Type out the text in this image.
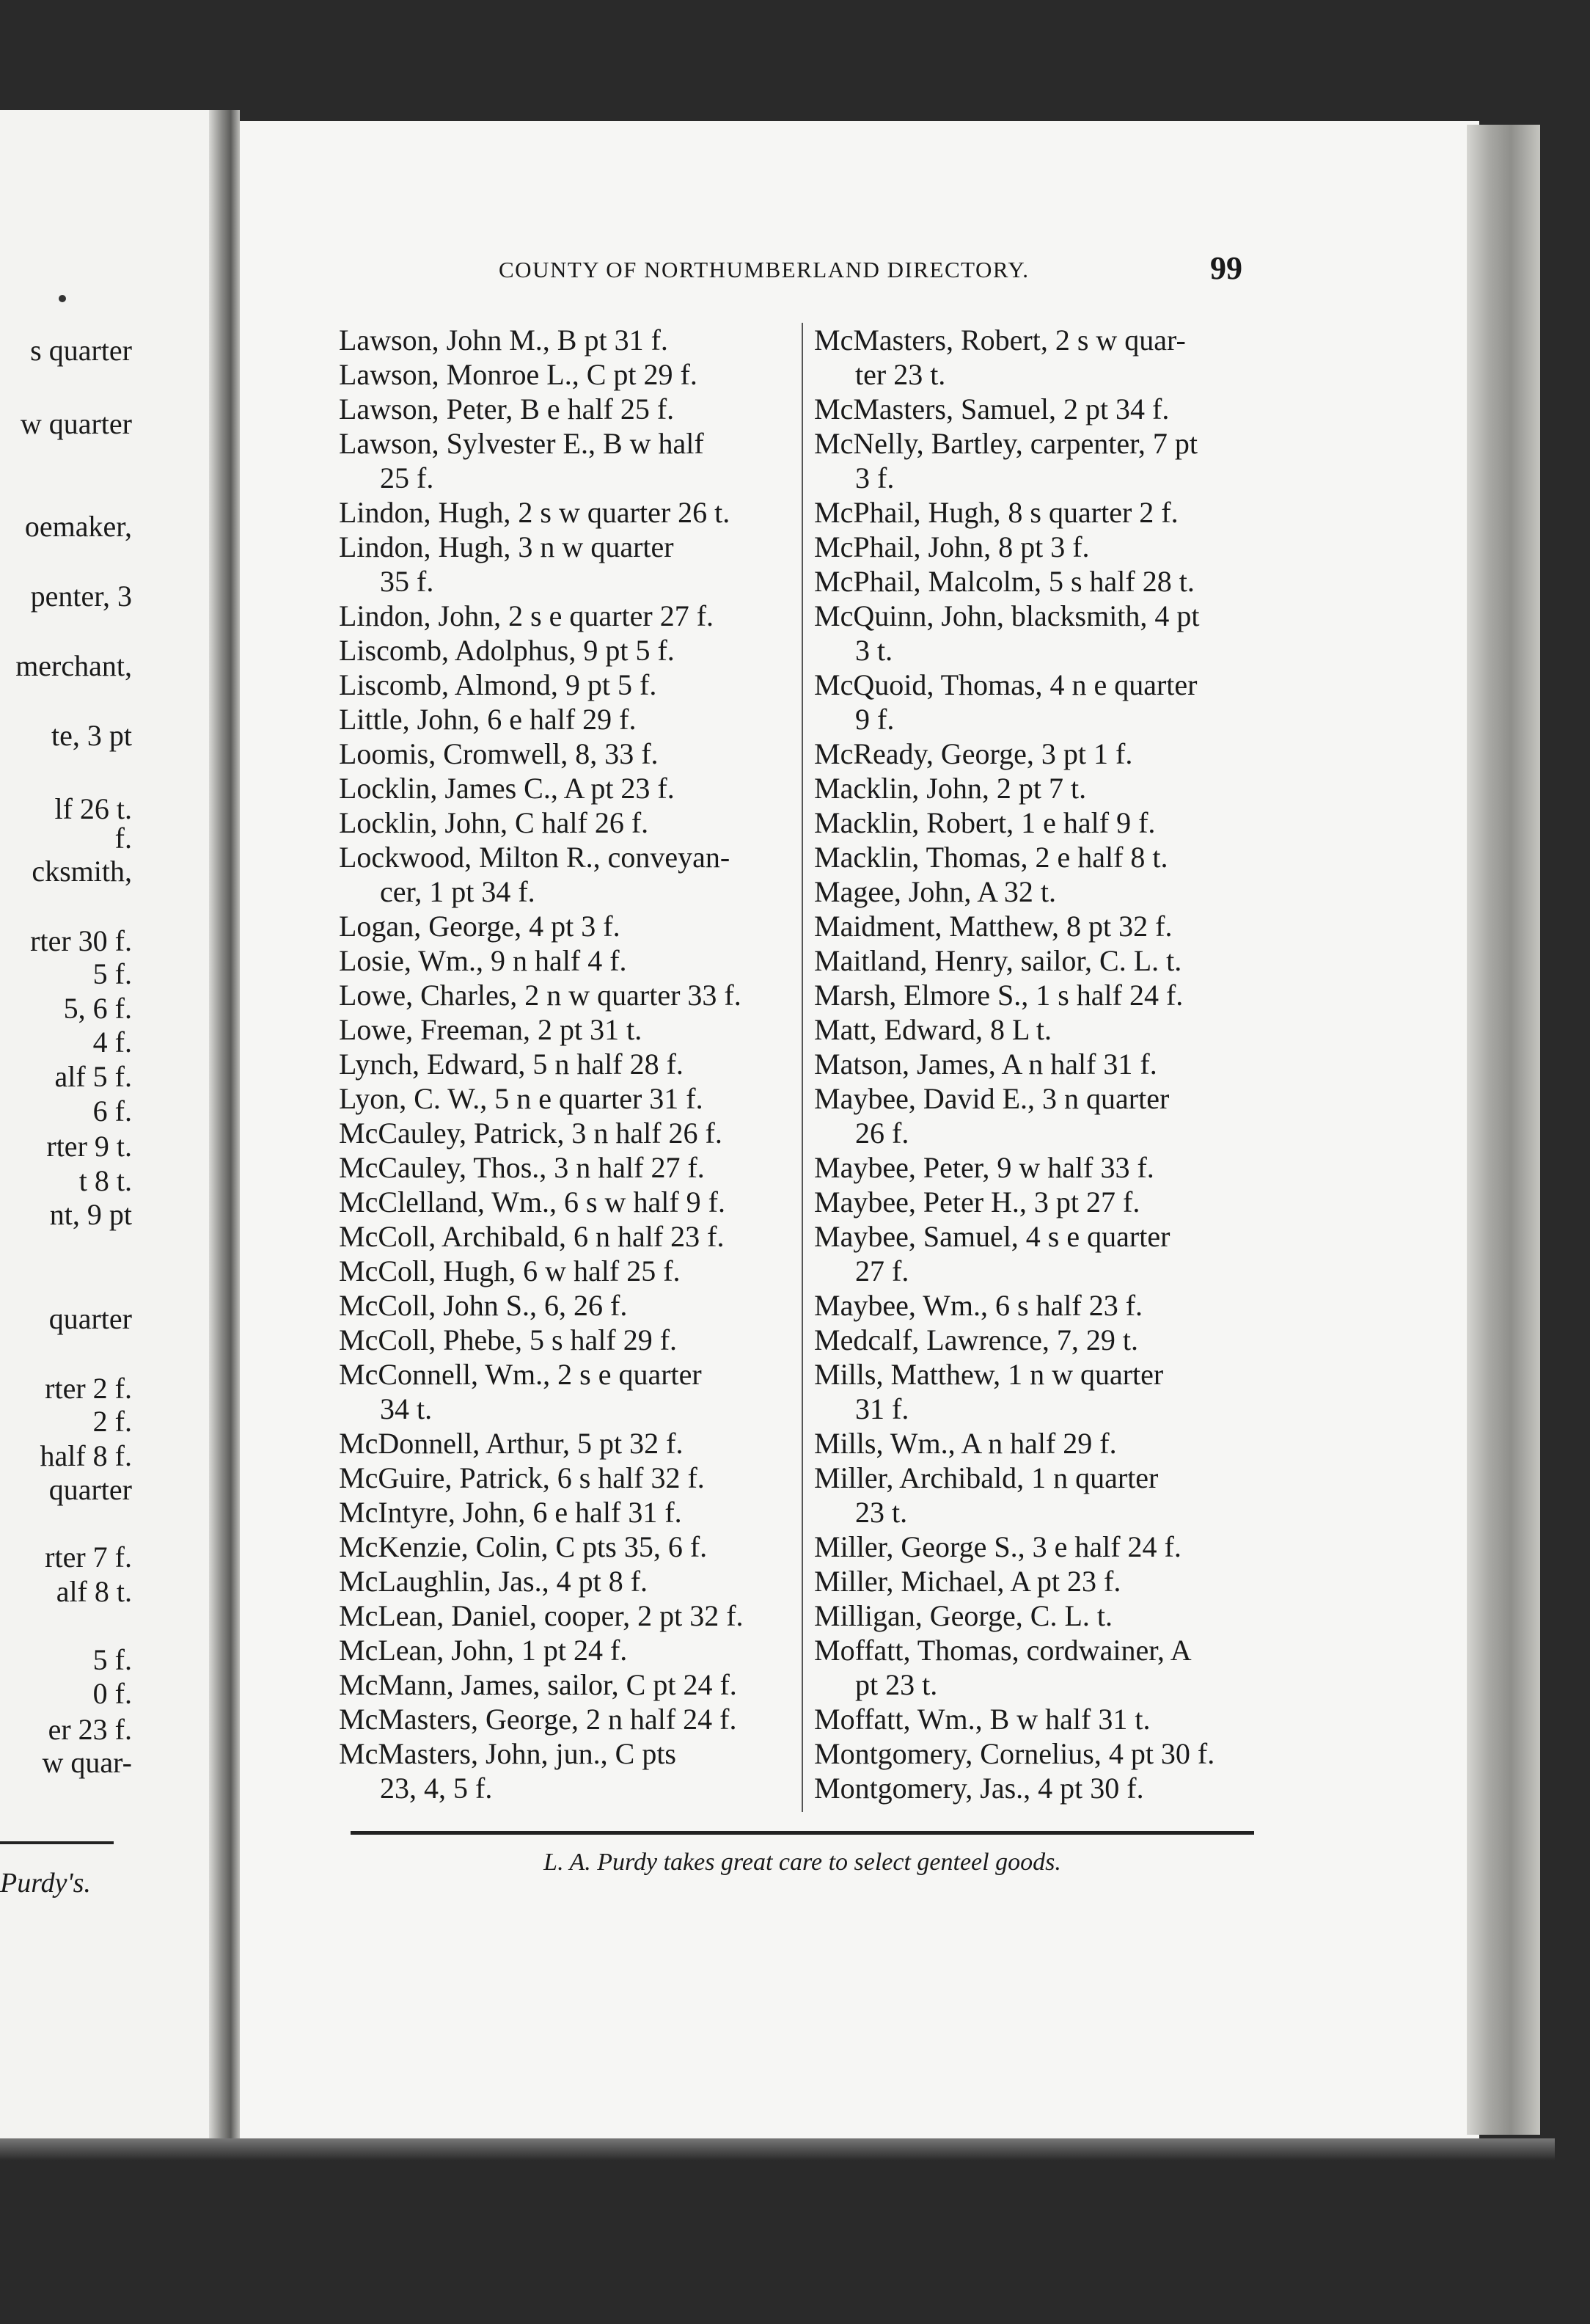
Purdy's.
s quarter
w quarter
oemaker,
penter, 3
merchant,
te, 3 pt
lf 26 t.
f.
cksmith,
rter 30 f.
5 f.
5, 6 f.
4 f.
alf 5 f.
6 f.
rter 9 t.
t 8 t.
nt, 9 pt
quarter
rter 2 f.
2 f.
half 8 f.
quarter
rter 7 f.
alf 8 t.
5 f.
0 f.
er 23 f.
w quar-
COUNTY OF NORTHUMBERLAND DIRECTORY.	99
Lawson, John M., B pt 31 f.
Lawson, Monroe L., C pt 29 f.
Lawson, Peter, B e half 25 f.
Lawson, Sylvester E., B w half
25 f.
Lindon, Hugh, 2 s w quarter 26 t.
Lindon, Hugh, 3 n w quarter
35 f.
Lindon, John, 2 s e quarter 27 f.
Liscomb, Adolphus, 9 pt 5 f.
Liscomb, Almond, 9 pt 5 f.
Little, John, 6 e half 29 f.
Loomis, Cromwell, 8, 33 f.
Locklin, James C., A pt 23 f.
Locklin, John, C half 26 f.
Lockwood, Milton R., conveyan-
cer, 1 pt 34 f.
Logan, George, 4 pt 3 f.
Losie, Wm., 9 n half 4 f.
Lowe, Charles, 2 n w quarter 33 f.
Lowe, Freeman, 2 pt 31 t.
Lynch, Edward, 5 n half 28 f.
Lyon, C. W., 5 n e quarter 31 f.
McCauley, Patrick, 3 n half 26 f.
McCauley, Thos., 3 n half 27 f.
McClelland, Wm., 6 s w half 9 f.
McColl, Archibald, 6 n half 23 f.
McColl, Hugh, 6 w half 25 f.
McColl, John S., 6, 26 f.
McColl, Phebe, 5 s half 29 f.
McConnell, Wm., 2 s e quarter
34 t.
McDonnell, Arthur, 5 pt 32 f.
McGuire, Patrick, 6 s half 32 f.
McIntyre, John, 6 e half 31 f.
McKenzie, Colin, C pts 35, 6 f.
McLaughlin, Jas., 4 pt 8 f.
McLean, Daniel, cooper, 2 pt 32 f.
McLean, John, 1 pt 24 f.
McMann, James, sailor, C pt 24 f.
McMasters, George, 2 n half 24 f.
McMasters, John, jun., C pts
23, 4, 5 f.
McMasters, Robert, 2 s w quar-
ter 23 t.
McMasters, Samuel, 2 pt 34 f.
McNelly, Bartley, carpenter, 7 pt
3 f.
McPhail, Hugh, 8 s quarter 2 f.
McPhail, John, 8 pt 3 f.
McPhail, Malcolm, 5 s half 28 t.
McQuinn, John, blacksmith, 4 pt
3 t.
McQuoid, Thomas, 4 n e quarter
9 f.
McReady, George, 3 pt 1 f.
Macklin, John, 2 pt 7 t.
Macklin, Robert, 1 e half 9 f.
Macklin, Thomas, 2 e half 8 t.
Magee, John, A 32 t.
Maidment, Matthew, 8 pt 32 f.
Maitland, Henry, sailor, C. L. t.
Marsh, Elmore S., 1 s half 24 f.
Matt, Edward, 8 L t.
Matson, James, A n half 31 f.
Maybee, David E., 3 n quarter
26 f.
Maybee, Peter, 9 w half 33 f.
Maybee, Peter H., 3 pt 27 f.
Maybee, Samuel, 4 s e quarter
27 f.
Maybee, Wm., 6 s half 23 f.
Medcalf, Lawrence, 7, 29 t.
Mills, Matthew, 1 n w quarter
31 f.
Mills, Wm., A n half 29 f.
Miller, Archibald, 1 n quarter
23 t.
Miller, George S., 3 e half 24 f.
Miller, Michael, A pt 23 f.
Milligan, George, C. L. t.
Moffatt, Thomas, cordwainer, A
pt 23 t.
Moffatt, Wm., B w half 31 t.
Montgomery, Cornelius, 4 pt 30 f.
Montgomery, Jas., 4 pt 30 f.
L. A. Purdy takes great care to select genteel goods.
